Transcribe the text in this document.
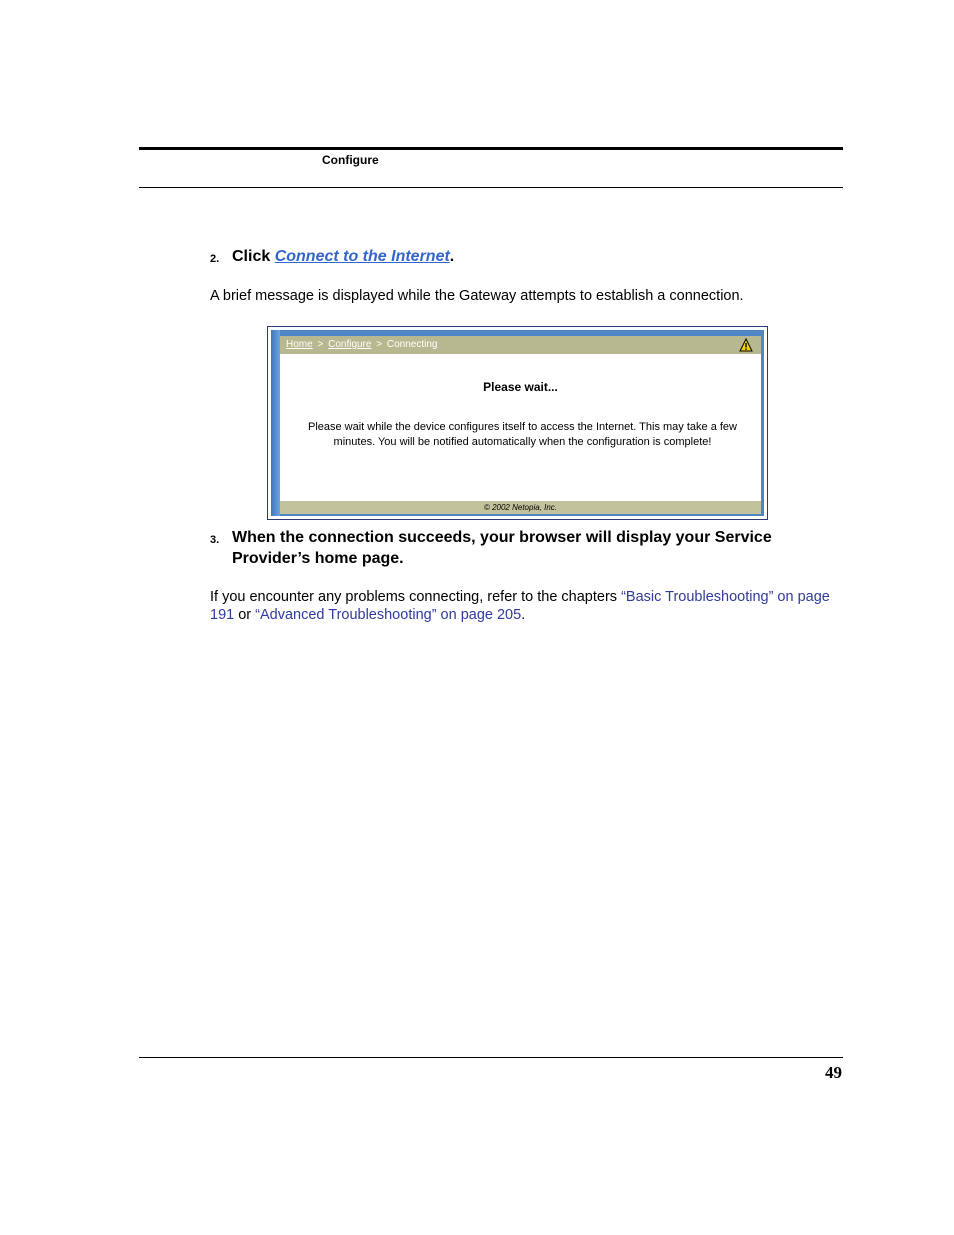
Configure
2. Click Connect to the Internet.
A brief message is displayed while the Gateway attempts to establish a connection.
Home > Configure > Connecting
Please wait...
Please wait while the device configures itself to access the Internet. This may take a few minutes. You will be notified automatically when the configuration is complete!
© 2002 Netopia, Inc.
3. When the connection succeeds, your browser will display your Service Provider’s home page.
If you encounter any problems connecting, refer to the chapters “Basic Troubleshooting” on page 191 or “Advanced Troubleshooting” on page 205.
49
